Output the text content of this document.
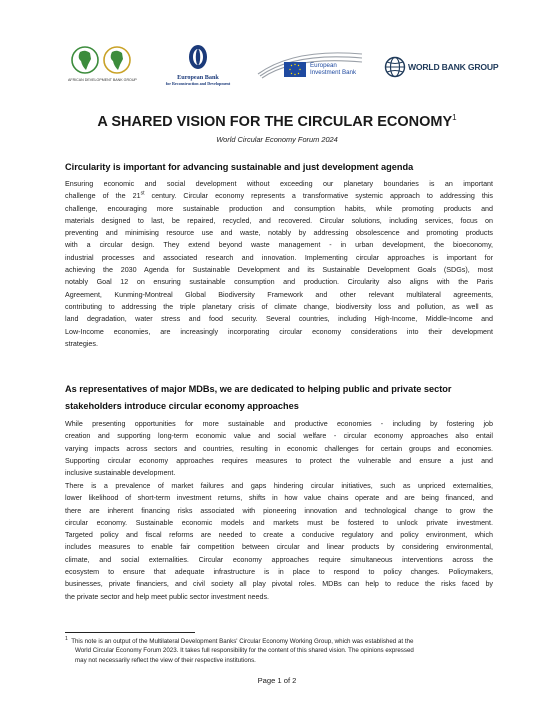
AFRICAN DEVELOPMENT BANK GROUP	European Bank
for Reconstruction and Development
European
Investment Bank
WORLD BANK GROUP
A SHARED VISION FOR THE CIRCULAR ECONOMY$^1$
World Circular Economy Forum 2024
Circularity is important for advancing sustainable and just development agenda
Ensuring economic and social development without exceeding our planetary boundaries is an important
challenge of the 21st century. Circular economy represents a transformative systemic approach to addressing this
challenge, encouraging more sustainable production and consumption habits, while promoting products and
materials designed to last, be repaired, recycled, and recovered. Circular solutions, including services, focus on
preventing and minimising resource use and waste, notably by addressing obsolescence and promoting products
with a circular design. They extend beyond waste management - in urban development, the bioeconomy,
industrial processes and associated research and innovation. Implementing circular approaches is important for
achieving the 2030 Agenda for Sustainable Development and its Sustainable Development Goals (SDGs), most
notably Goal 12 on ensuring sustainable consumption and production. Circularity also aligns with the Paris
Agreement, Kunming-Montreal Global Biodiversity Framework and other relevant multilateral agreements,
contributing to addressing the triple planetary crisis of climate change, biodiversity loss and pollution, as well as
land degradation, water stress and food security. Several countries, including High-Income, Middle-Income and
Low-Income economies, are increasingly incorporating circular economy considerations into their development
strategies.
As representatives of major MDBs, we are dedicated to helping public and private sector
stakeholders introduce circular economy approaches
While presenting opportunities for more sustainable and productive economies - including by fostering job
creation and supporting long-term economic value and social welfare - circular economy approaches also entail
varying impacts across sectors and countries, resulting in economic challenges for certain groups and economies.
Supporting circular economy approaches requires measures to protect the vulnerable and ensure a just and
inclusive sustainable development.
There is a prevalence of market failures and gaps hindering circular initiatives, such as unpriced externalities,
lower likelihood of short-term investment returns, shifts in how value chains operate and are being financed, and
there are inherent financing risks associated with pioneering innovation and technological change to grow the
circular economy. Sustainable economic models and markets must be fostered to unlock private investment.
Targeted policy and fiscal reforms are needed to create a conducive regulatory and policy environment, which
includes measures to enable fair competition between circular and linear products by considering environmental,
climate, and social externalities. Circular economy approaches require simultaneous interventions across the
ecosystem to ensure that adequate infrastructure is in place to respond to policy changes. Policymakers,
businesses, private financiers, and civil society all play pivotal roles. MDBs can help to reduce the risks faced by
the private sector and help meet public sector investment needs.
$^1$ This note is an output of the Multilateral Development Banks' Circular Economy Working Group, which was established at the
World Circular Economy Forum 2023. It takes full responsibility for the content of this shared vision. The opinions expressed
may not necessarily reflect the view of their respective institutions.
Page 1 of 2
